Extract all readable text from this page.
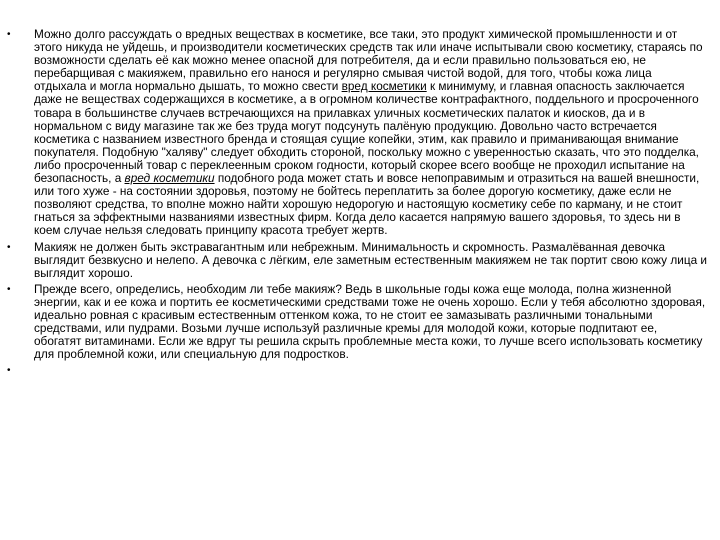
• Можно долго рассуждать о вредных веществах в косметике, все таки, это продукт химической промышленности и от этого никуда не уйдешь, и производители косметических средств так или иначе испытывали свою косметику, стараясь по возможности сделать её как можно менее опасной для потребителя, да и если правильно пользоваться ею, не перебарщивая с макияжем, правильно его нанося и регулярно смывая чистой водой, для того, чтобы кожа лица отдыхала и могла нормально дышать, то можно свести вред косметики к минимуму, и главная опасность заключается даже не веществах содержащихся в косметике, а в огромном количестве контрафактного, поддельного и просроченного товара в большинстве случаев встречающихся на прилавках уличных косметических палаток и киосков, да и в нормальном с виду магазине так же без труда могут подсунуть палёную продукцию. Довольно часто встречается косметика с названием известного бренда и стоящая сущие копейки, этим, как правило и приманивающая внимание покупателя. Подобную "халяву" следует обходить стороной, поскольку можно с уверенностью сказать, что это подделка, либо просроченный товар с переклеенным сроком годности, который скорее всего вообще не проходил испытание на безопасность, а вред косметики подобного рода может стать и вовсе непоправимым и отразиться на вашей внешности, или того хуже - на состоянии здоровья, поэтому не бойтесь переплатить за более дорогую косметику, даже если не позволяют средства, то вполне можно найти хорошую недорогую и настоящую косметику себе по карману, и не стоит гнаться за эффектными названиями известных фирм. Когда дело касается напрямую вашего здоровья, то здесь ни в коем случае нельзя следовать принципу красота требует жертв.
• Макияж не должен быть экстравагантным или небрежным. Минимальность и скромность. Размалёванная девочка выглядит безвкусно и нелепо. А девочка с лёгким, еле заметным естественным макияжем не так портит свою кожу лица и выглядит хорошо.
• Прежде всего, определись, необходим ли тебе макияж? Ведь в школьные годы кожа еще молода, полна жизненной энергии, как и ее кожа и портить ее косметическими средствами тоже не очень хорошо. Если у тебя абсолютно здоровая, идеально ровная с красивым естественным оттенком кожа, то не стоит ее замазывать различными тональными средствами, или пудрами. Возьми лучше используй различные кремы для молодой кожи, которые подпитают ее, обогатят витаминами. Если же вдруг ты решила скрыть проблемные места кожи, то лучше всего использовать косметику для проблемной кожи, или специальную для подростков.
•
